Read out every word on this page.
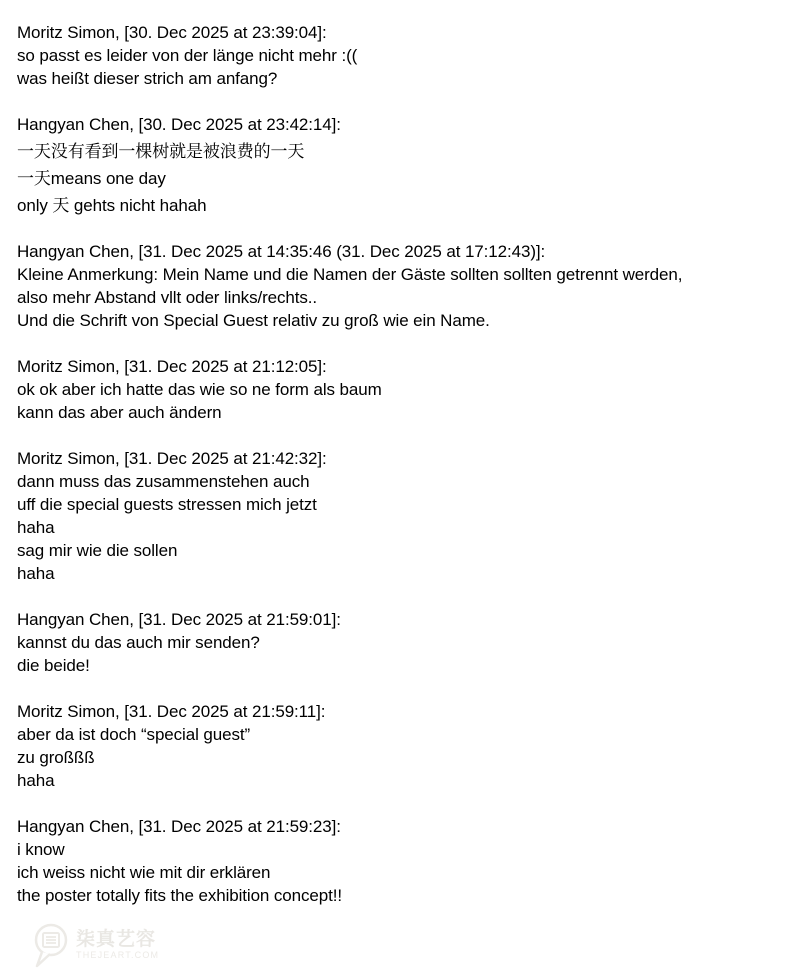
Moritz Simon, [30. Dec 2025 at 23:39:04]:
so passt es leider von der länge nicht mehr :((
was heißt dieser strich am anfang?
Hangyan Chen, [30. Dec 2025 at 23:42:14]:
一天没有看到一棵树就是被浪费的一天
一天means one day
only 天 gehts nicht hahah
Hangyan Chen, [31. Dec 2025 at 14:35:46 (31. Dec 2025 at 17:12:43)]:
Kleine Anmerkung: Mein Name und die Namen der Gäste sollten sollten getrennt werden,
also mehr Abstand vllt oder links/rechts..
Und die Schrift von Special Guest relativ zu groß wie ein Name.
Moritz Simon, [31. Dec 2025 at 21:12:05]:
ok ok aber ich hatte das wie so ne form als baum
kann das aber auch ändern
Moritz Simon, [31. Dec 2025 at 21:42:32]:
dann muss das zusammenstehen auch
uff die special guests stressen mich jetzt
haha
sag mir wie die sollen
haha
Hangyan Chen, [31. Dec 2025 at 21:59:01]:
kannst du das auch mir senden?
die beide!
Moritz Simon, [31. Dec 2025 at 21:59:11]:
aber da ist doch “special guest”
zu großßß
haha
Hangyan Chen, [31. Dec 2025 at 21:59:23]:
i know
ich weiss nicht wie mit dir erklären
the poster totally fits the exhibition concept!!
柒真艺容
THEJEART.COM
